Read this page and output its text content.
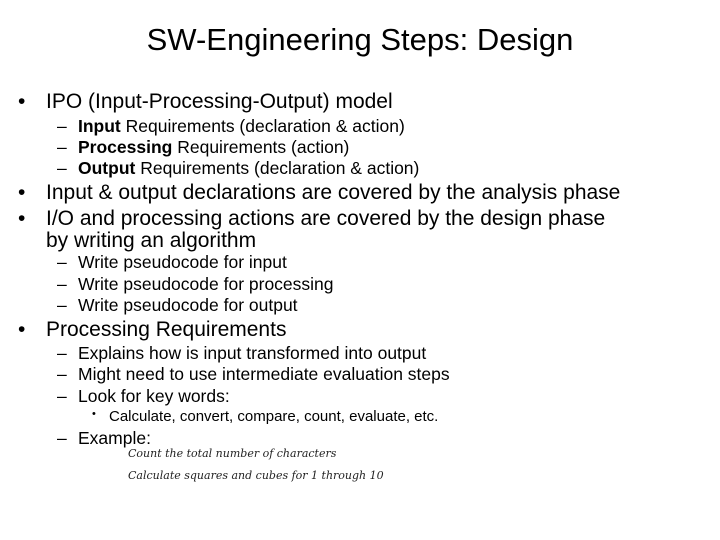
SW-Engineering Steps: Design
• IPO (Input-Processing-Output) model
– Input Requirements (declaration & action)
– Processing Requirements (action)
– Output Requirements (declaration & action)
• Input & output declarations are covered by the analysis phase
• I/O and processing actions are covered by the design phase
by writing an algorithm
– Write pseudocode for input
– Write pseudocode for processing
– Write pseudocode for output
• Processing Requirements
– Explains how is input transformed into output
– Might need to use intermediate evaluation steps
– Look for key words:
• Calculate, convert, compare, count, evaluate, etc.
– Example:
Count the total number of characters
Calculate squares and cubes for 1 through 10
